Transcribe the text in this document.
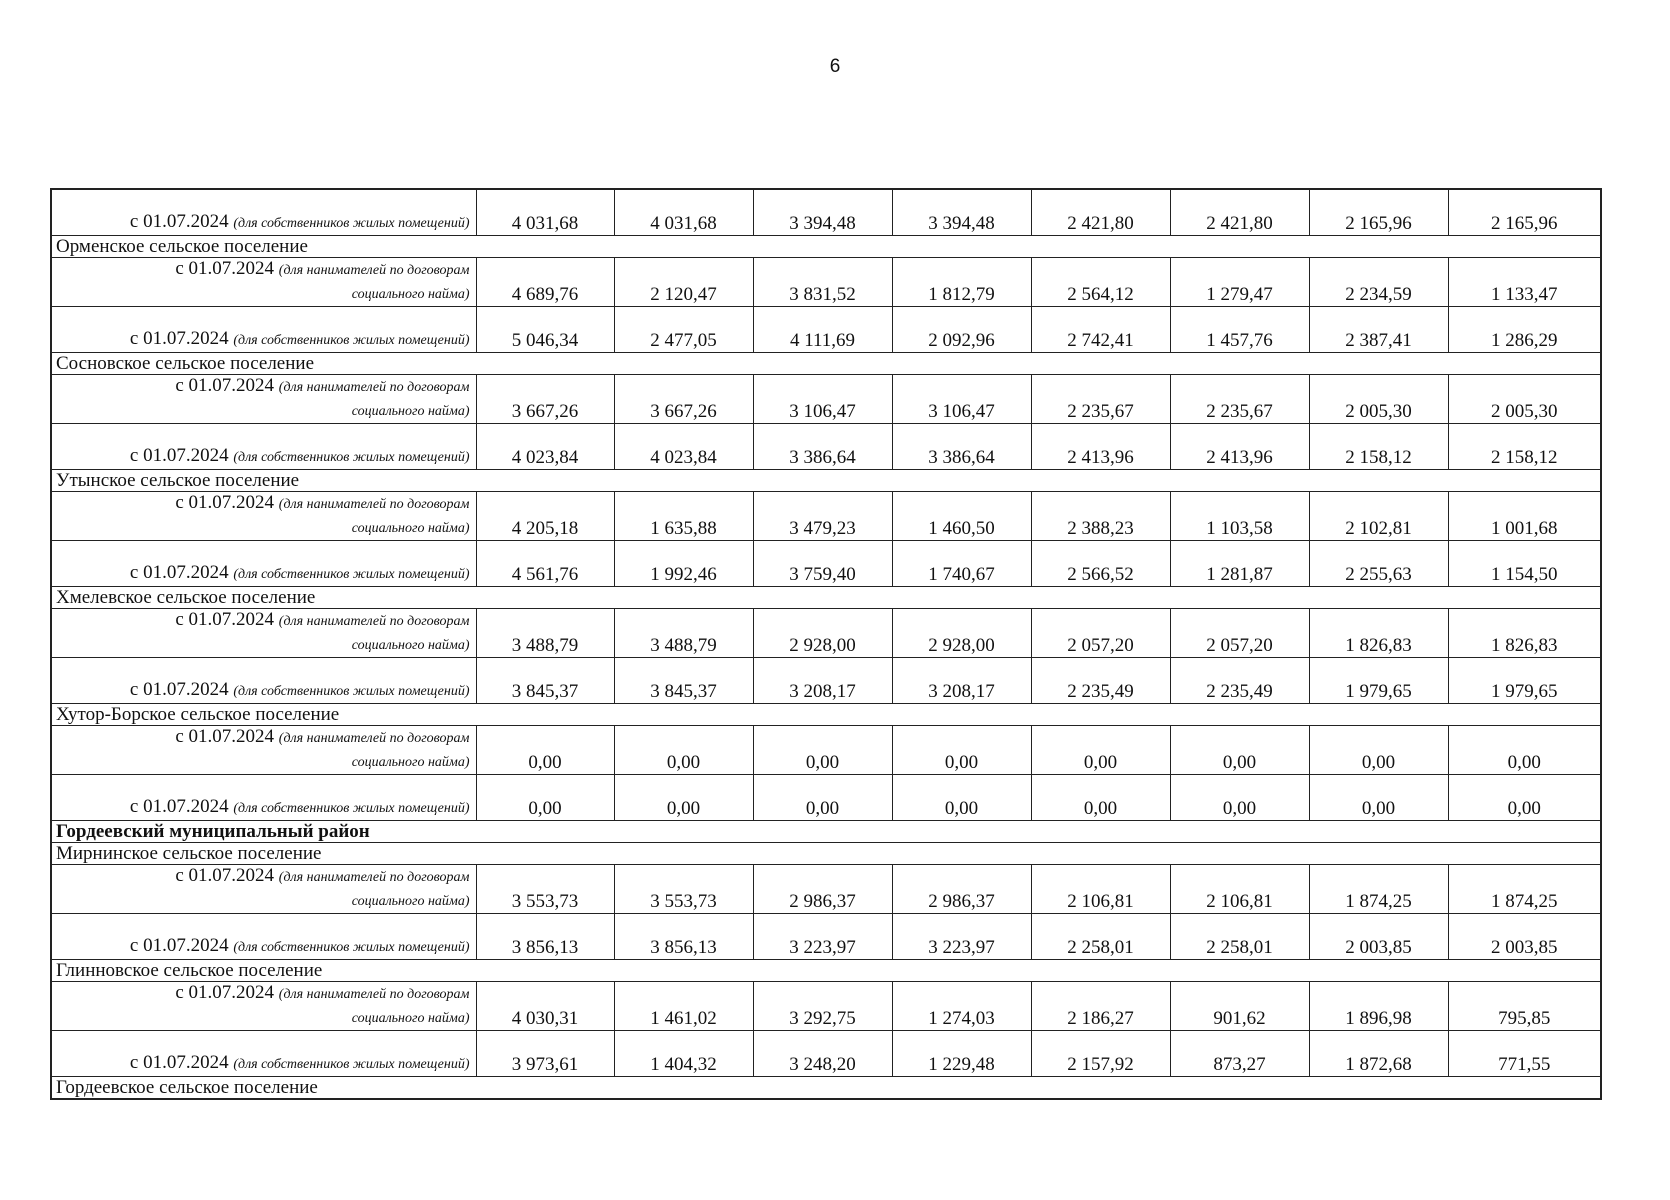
6
с 01.07.2024 (для собственников жилых помещений)	4 031,68	4 031,68	3 394,48	3 394,48	2 421,80	2 421,80	2 165,96	2 165,96
Орменское сельское поселение								
с 01.07.2024 (для нанимателей по договорам
социального найма)	4 689,76	2 120,47	3 831,52	1 812,79	2 564,12	1 279,47	2 234,59	1 133,47
с 01.07.2024 (для собственников жилых помещений)	5 046,34	2 477,05	4 111,69	2 092,96	2 742,41	1 457,76	2 387,41	1 286,29
Сосновское сельское поселение								
с 01.07.2024 (для нанимателей по договорам
социального найма)	3 667,26	3 667,26	3 106,47	3 106,47	2 235,67	2 235,67	2 005,30	2 005,30
с 01.07.2024 (для собственников жилых помещений)	4 023,84	4 023,84	3 386,64	3 386,64	2 413,96	2 413,96	2 158,12	2 158,12
Утынское сельское поселение								
с 01.07.2024 (для нанимателей по договорам
социального найма)	4 205,18	1 635,88	3 479,23	1 460,50	2 388,23	1 103,58	2 102,81	1 001,68
с 01.07.2024 (для собственников жилых помещений)	4 561,76	1 992,46	3 759,40	1 740,67	2 566,52	1 281,87	2 255,63	1 154,50
Хмелевское сельское поселение								
с 01.07.2024 (для нанимателей по договорам
социального найма)	3 488,79	3 488,79	2 928,00	2 928,00	2 057,20	2 057,20	1 826,83	1 826,83
с 01.07.2024 (для собственников жилых помещений)	3 845,37	3 845,37	3 208,17	3 208,17	2 235,49	2 235,49	1 979,65	1 979,65
Хутор-Борское сельское поселение								
с 01.07.2024 (для нанимателей по договорам
социального найма)	0,00	0,00	0,00	0,00	0,00	0,00	0,00	0,00
с 01.07.2024 (для собственников жилых помещений)	0,00	0,00	0,00	0,00	0,00	0,00	0,00	0,00
Гордеевский муниципальный район								
Мирнинское сельское поселение								
с 01.07.2024 (для нанимателей по договорам
социального найма)	3 553,73	3 553,73	2 986,37	2 986,37	2 106,81	2 106,81	1 874,25	1 874,25
с 01.07.2024 (для собственников жилых помещений)	3 856,13	3 856,13	3 223,97	3 223,97	2 258,01	2 258,01	2 003,85	2 003,85
Глинновское сельское поселение								
с 01.07.2024 (для нанимателей по договорам
социального найма)	4 030,31	1 461,02	3 292,75	1 274,03	2 186,27	901,62	1 896,98	795,85
с 01.07.2024 (для собственников жилых помещений)	3 973,61	1 404,32	3 248,20	1 229,48	2 157,92	873,27	1 872,68	771,55
Гордеевское сельское поселение								
